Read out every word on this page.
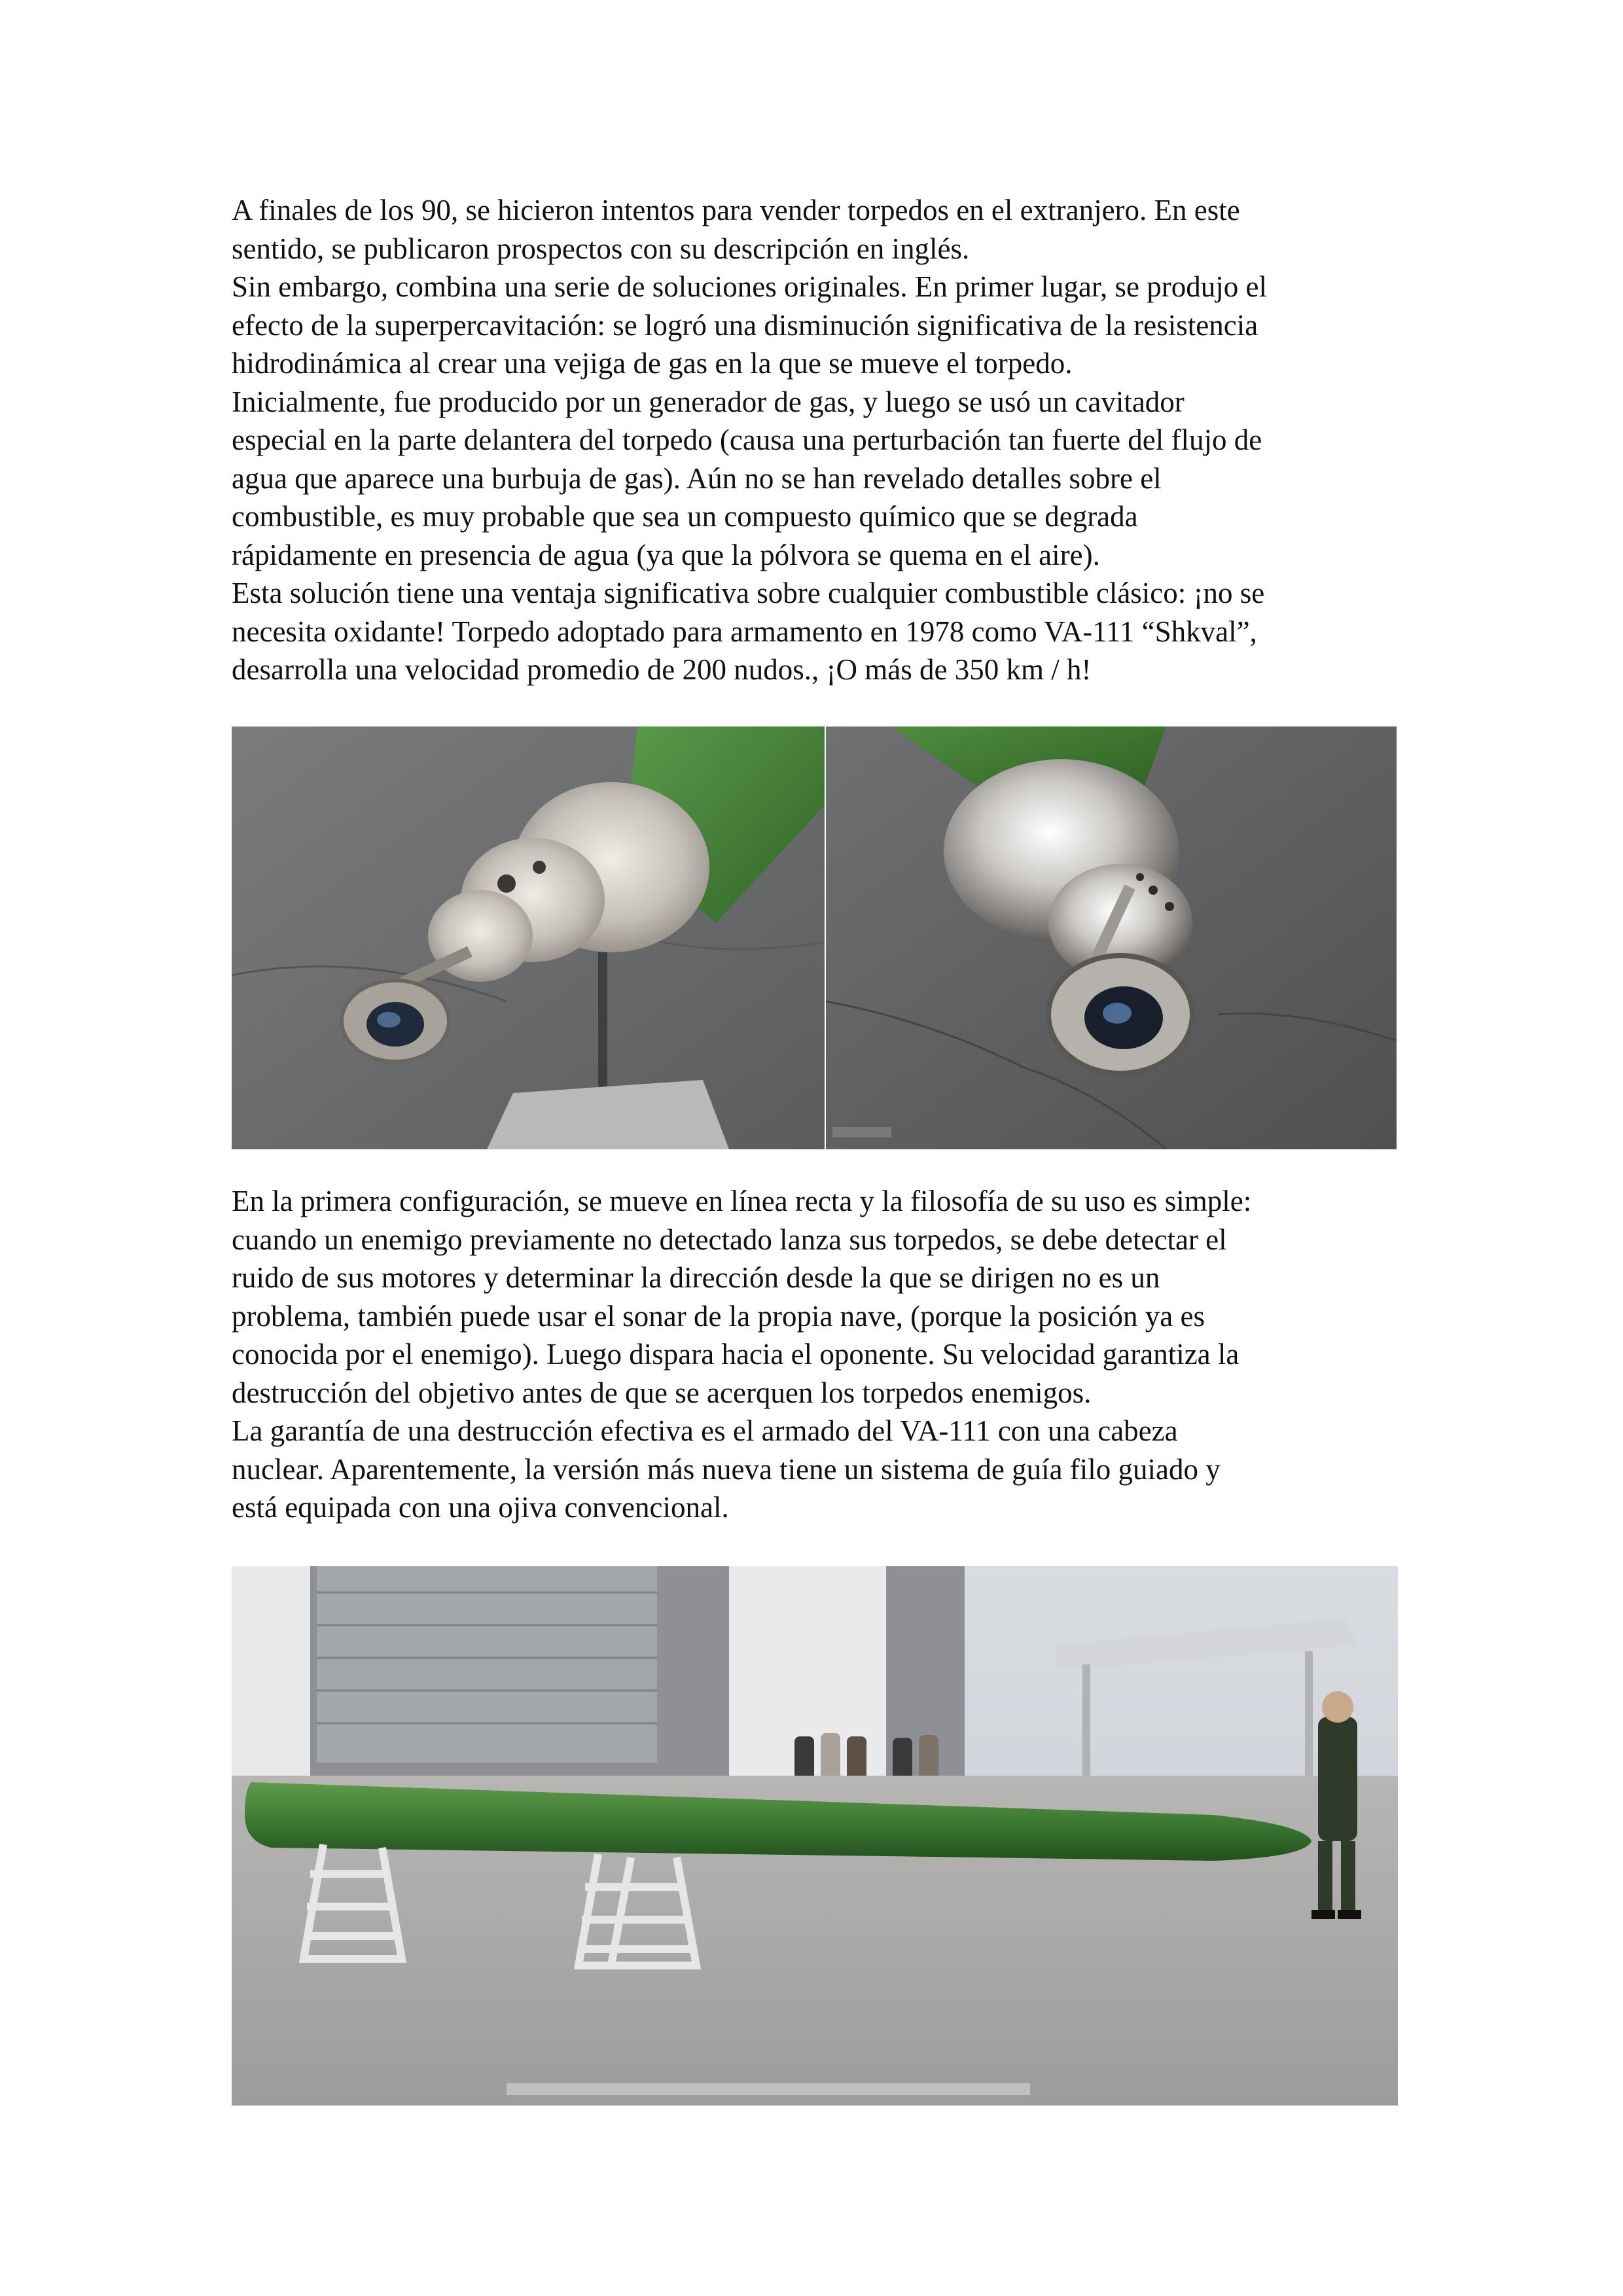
A finales de los 90, se hicieron intentos para vender torpedos en el extranjero. En este

sentido, se publicaron prospectos con su descripción en inglés.

Sin embargo, combina una serie de soluciones originales. En primer lugar, se produjo el

efecto de la superpercavitación: se logró una disminución significativa de la resistencia

hidrodinámica al crear una vejiga de gas en la que se mueve el torpedo.

Inicialmente, fue producido por un generador de gas, y luego se usó un cavitador

especial en la parte delantera del torpedo (causa una perturbación tan fuerte del flujo de

agua que aparece una burbuja de gas). Aún no se han revelado detalles sobre el

combustible, es muy probable que sea un compuesto químico que se degrada

rápidamente en presencia de agua (ya que la pólvora se quema en el aire).

Esta solución tiene una ventaja significativa sobre cualquier combustible clásico: ¡no se

necesita oxidante! Torpedo adoptado para armamento en 1978 como VA-111 “Shkval”,

desarrolla una velocidad promedio de 200 nudos., ¡O más de 350 km / h!

En la primera configuración, se mueve en línea recta y la filosofía de su uso es simple:

cuando un enemigo previamente no detectado lanza sus torpedos, se debe detectar el

ruido de sus motores y determinar la dirección desde la que se dirigen no es un

problema, también puede usar el sonar de la propia nave, (porque la posición ya es

conocida por el enemigo). Luego dispara hacia el oponente. Su velocidad garantiza la

destrucción del objetivo antes de que se acerquen los torpedos enemigos.

La garantía de una destrucción efectiva es el armado del VA-111 con una cabeza

nuclear. Aparentemente, la versión más nueva tiene un sistema de guía filo guiado y

está equipada con una ojiva convencional.
